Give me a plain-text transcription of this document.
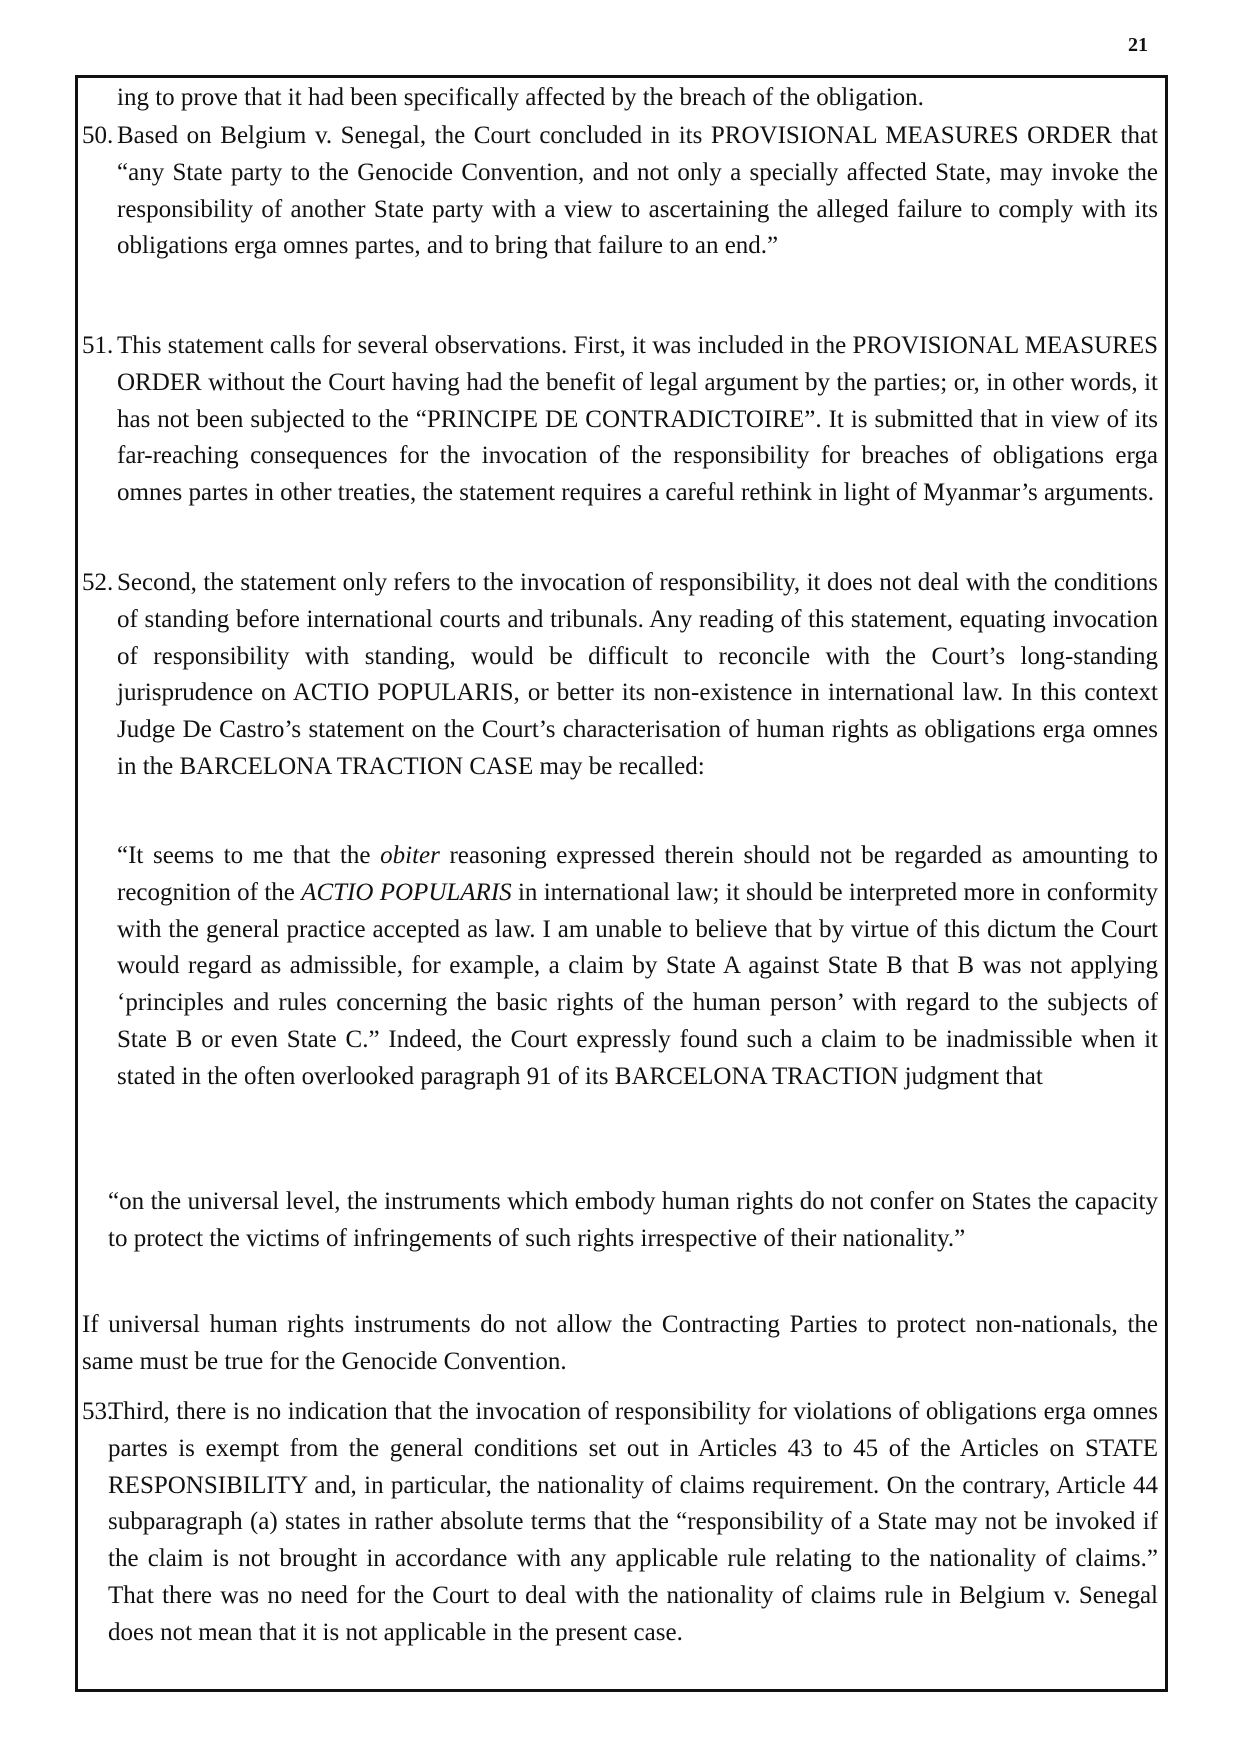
21

ing to prove that it had been specifically affected by the breach of the obligation.

50. Based on Belgium v. Senegal, the Court concluded in its PROVISIONAL MEASURES ORDER that “any State party to the Genocide Convention, and not only a specially affected State, may invoke the responsibility of another State party with a view to ascertaining the alleged failure to comply with its obligations erga omnes partes, and to bring that failure to an end.”

51. This statement calls for several observations. First, it was included in the PROVISIONAL MEASURES ORDER without the Court having had the benefit of legal argument by the parties; or, in other words, it has not been subjected to the “PRINCIPE DE CONTRADICTOIRE”. It is submitted that in view of its far-reaching consequences for the invocation of the responsibility for breaches of obligations erga omnes partes in other treaties, the statement requires a careful rethink in light of Myanmar’s arguments.

52. Second, the statement only refers to the invocation of responsibility, it does not deal with the conditions of standing before international courts and tribunals. Any reading of this statement, equating invocation of responsibility with standing, would be difficult to reconcile with the Court’s long-standing jurisprudence on ACTIO POPULARIS, or better its non-existence in international law. In this context Judge De Castro’s statement on the Court’s characterisation of human rights as obligations erga omnes in the BARCELONA TRACTION CASE may be recalled:

“It seems to me that the obiter reasoning expressed therein should not be regarded as amounting to recognition of the ACTIO POPULARIS in international law; it should be interpreted more in conformity with the general practice accepted as law. I am unable to believe that by virtue of this dictum the Court would regard as admissible, for example, a claim by State A against State B that B was not applying ‘principles and rules concerning the basic rights of the human person’ with regard to the subjects of State B or even State C.” Indeed, the Court expressly found such a claim to be inadmissible when it stated in the often overlooked paragraph 91 of its BARCELONA TRACTION judgment that

“on the universal level, the instruments which embody human rights do not confer on States the capacity to protect the victims of infringements of such rights irrespective of their nationality.”

If universal human rights instruments do not allow the Contracting Parties to protect non-nationals, the same must be true for the Genocide Convention.

53.

Third, there is no indication that the invocation of responsibility for violations of obligations erga omnes partes is exempt from the general conditions set out in Articles 43 to 45 of the Articles on STATE RESPONSIBILITY and, in particular, the nationality of claims requirement. On the contrary, Article 44 subparagraph (a) states in rather absolute terms that the “responsibility of a State may not be invoked if the claim is not brought in accordance with any applicable rule relating to the nationality of claims.” That there was no need for the Court to deal with the nationality of claims rule in Belgium v. Senegal does not mean that it is not applicable in the present case.
